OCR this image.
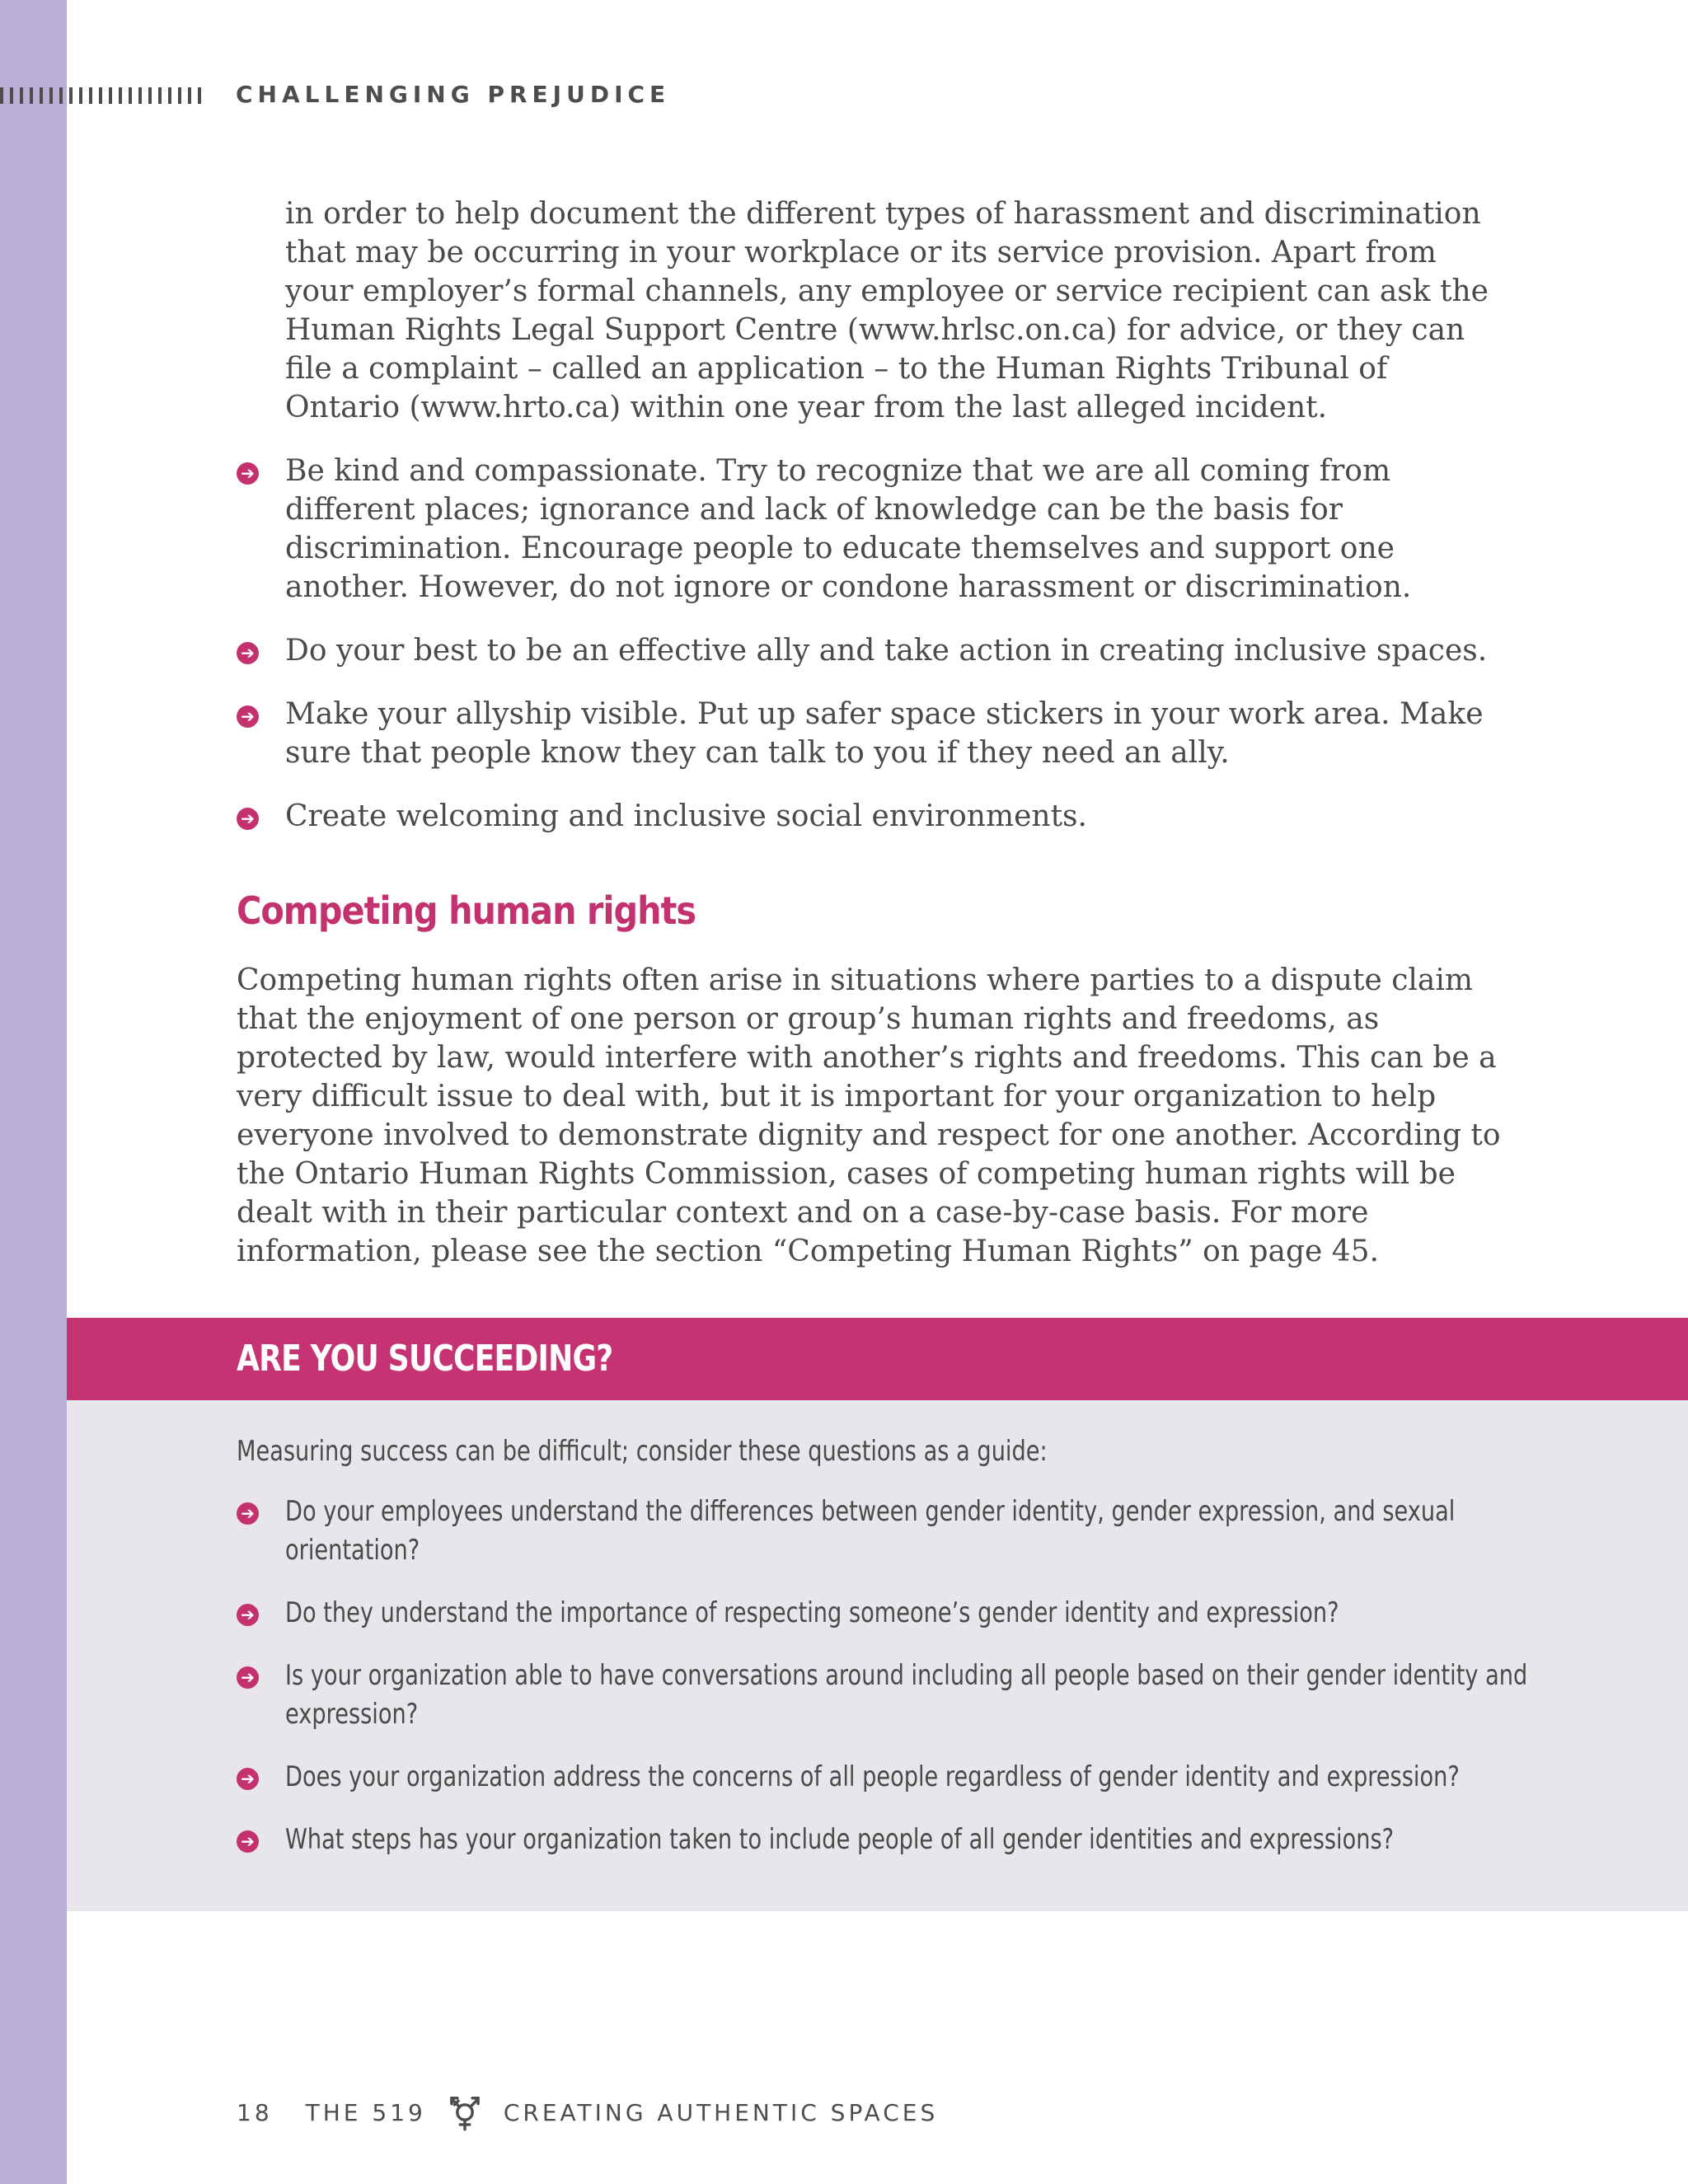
CHALLENGING PREJUDICE

in order to help document the different types of harassment and discrimination that may be occurring in your workplace or its service provision. Apart from your employer’s formal channels, any employee or service recipient can ask the Human Rights Legal Support Centre (www.hrlsc.on.ca) for advice, or they can file a complaint – called an application – to the Human Rights Tribunal of Ontario (www.hrto.ca) within one year from the last alleged incident.

➔ Be kind and compassionate. Try to recognize that we are all coming from different places; ignorance and lack of knowledge can be the basis for discrimination. Encourage people to educate themselves and support one another. However, do not ignore or condone harassment or discrimination.
➔ Do your best to be an effective ally and take action in creating inclusive spaces.
➔ Make your allyship visible. Put up safer space stickers in your work area. Make sure that people know they can talk to you if they need an ally.
➔ Create welcoming and inclusive social environments.
Competing human rights

Competing human rights often arise in situations where parties to a dispute claim that the enjoyment of one person or group’s human rights and freedoms, as protected by law, would interfere with another’s rights and freedoms. This can be a very difficult issue to deal with, but it is important for your organization to help everyone involved to demonstrate dignity and respect for one another. According to the Ontario Human Rights Commission, cases of competing human rights will be dealt with in their particular context and on a case-by-case basis. For more information, please see the section “Competing Human Rights” on page 45.

ARE YOU SUCCEEDING?

Measuring success can be difficult; consider these questions as a guide:

➔ Do your employees understand the differences between gender identity, gender expression, and sexual orientation?
➔ Do they understand the importance of respecting someone’s gender identity and expression?
➔ Is your organization able to have conversations around including all people based on their gender identity and expression?
➔ Does your organization address the concerns of all people regardless of gender identity and expression?
➔ What steps has your organization taken to include people of all gender identities and expressions?
18 THE 519	CREATING AUTHENTIC SPACES
